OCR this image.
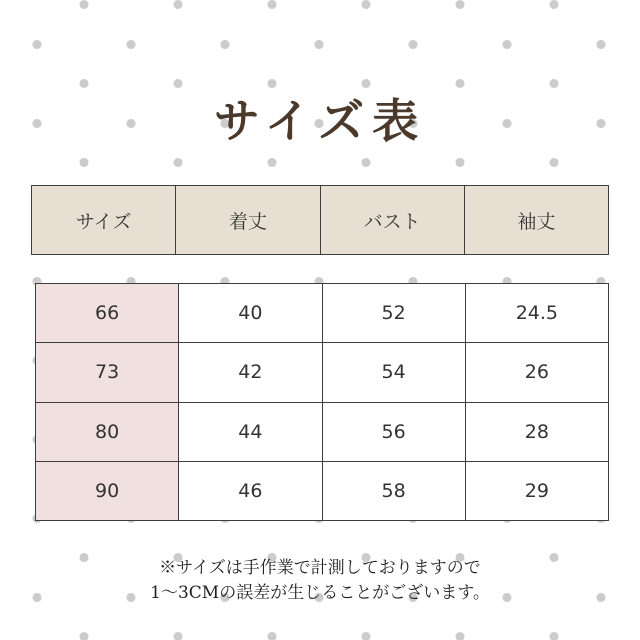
サイズ表
サイズ	着丈	バスト	袖丈
66	40	52	24.5
73	42	54	26
80	44	56	28
90	46	58	29
※サイズは手作業で計測しておりますので
1～3CMの誤差が生じることがございます。
